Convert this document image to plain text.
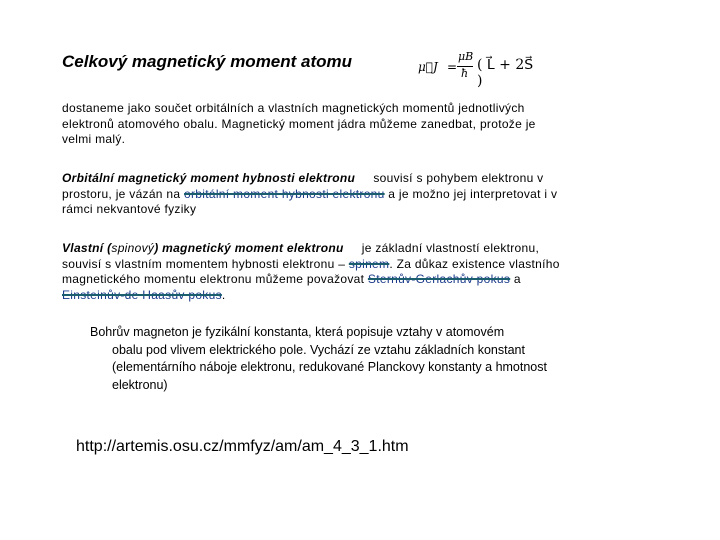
Celkový magnetický moment atomu	μ⃗J =
μB
ħ
( L⃗ + 2S⃗ )
dostaneme jako součet orbitálních a vlastních magnetických momentů jednotlivých elektronů atomového obalu. Magnetický moment jádra můžeme zanedbat, protože je velmi malý.
Orbitální magnetický moment hybnosti elektronu souvisí s pohybem elektronu v prostoru, je vázán na orbitální moment hybnosti elektronu a je možno jej interpretovat i v rámci nekvantové fyziky
Vlastní (spinový) magnetický moment elektronu je základní vlastností elektronu, souvisí s vlastním momentem hybnosti elektronu – spinem. Za důkaz existence vlastního magnetického momentu elektronu můžeme považovat Sternův-Gerlachův pokus a Einsteinův-de Haasův pokus.
Bohrův magneton je fyzikální konstanta, která popisuje vztahy v atomovém
obalu pod vlivem elektrického pole. Vychází ze vztahu základních konstant (elementárního náboje elektronu, redukované Planckovy konstanty a hmotnost elektronu)
http://artemis.osu.cz/mmfyz/am/am_4_3_1.htm
